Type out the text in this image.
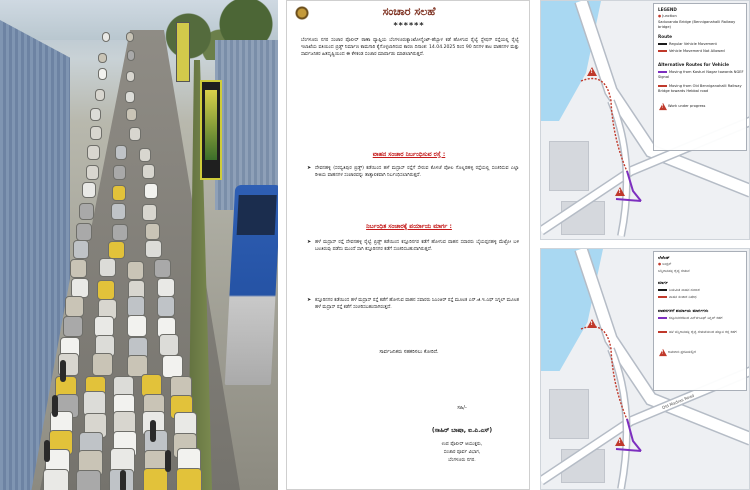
ಸಂಚಾರ ಸಲಹೆ
******
ಬೆಂಗಳೂರು ನಗರ ಸಂಚಾರ ಪೊಲೀಸ್ ಠಾಣಾ ವ್ಯಾಪ್ತಿಯ ಬೆಂಗಳೂರುಕ್ಯಾಂಟೋನ್ಮೆಂಟ್-ಹೆಬ್ಬಾಳ ಕಡೆ ಹೋಗುವ ರೈಲ್ವೆ ಸ್ಟೇಷನ್ ರಸ್ತೆಯಲ್ಲಿ ರೈಲ್ವೆ ಇಲಾಖೆಯ ವತಿಯಿಂದ ಬ್ರಿಡ್ಜ್ ನಿರ್ಮಾಣ ಕಾಮಗಾರಿ ಕೈಗೊಳ್ಳಲಾಗಿರುವ ಕಾರಣ ದಿನಾಂಕ: 14.04.2025 ರಿಂದ 90 ದಿನಗಳ ಕಾಲ ವಾಹನಗಳ ಮತ್ತು ಸಾರ್ವಜನಿಕರ ಹಿತದೃಷ್ಟಿಯಿಂದ ಈ ಕೆಳಕಂಡ ಸಂಚಾರ ಮಾರ್ಪಾಡು ಮಾಡಲಾಗಿರುತ್ತದೆ.
ವಾಹನ ಸಂಚಾರ ನಿರ್ಬಂಧಿಸುವ ರಸ್ತೆ :
➤ ದೇವನಹಳ್ಳಿ (ಸರಸ್ವತಿಪುರ ಬ್ರಿಡ್ಜ್) ಕಡೆಯಿಂದ ಹಳೆ ಮದ್ರಾಸ್ ರಸ್ತೆಗೆ ಸೇರುವ ಕೊಳಚೆ ಪೋಲ ಗೊಲ್ಲರಹಳ್ಳಿ ರಸ್ತೆಯಲ್ಲಿ ಸಂಚರಿಸುವ ಎಲ್ಲಾ ರೀತಿಯ ವಾಹನಗಳ ಸಂಚಾರವನ್ನು ತಾತ್ಕಾಲಿಕವಾಗಿ ನಿರ್ಬಂಧಿಸಲಾಗಿರುತ್ತದೆ.
ನಿರ್ಬಂಧಿತ ಸಂಚಾರಕ್ಕೆ ಪರ್ಯಾಯ ಮಾರ್ಗ :
➤ ಹಳೆ ಮದ್ರಾಸ್ ರಸ್ತೆ ದೇವನಹಳ್ಳಿ ರೈಲ್ವೆ ಬ್ರಿಡ್ಜ್ ಕಡೆಯಿಂದ ಕಸ್ತೂರಿನಗರ ಕಡೆಗೆ ಹೋಗುವ ವಾಹನ ಸವಾರರು ಬೈಯಪ್ಪನಹಳ್ಳಿ ಮೆಟ್ರೋ ಬಳಿ ಬಲತಿರುವು ಪಡೆದು ಮುಂದೆ ಸಾಗಿ ಕಸ್ತೂರಿನಗರ ಕಡೆಗೆ ಸಂಚರಿಸಬಹುದಾಗಿರುತ್ತದೆ.
➤ ಕಸ್ತೂರಿನಗರ ಕಡೆಯಿಂದ ಹಳೆ ಮದ್ರಾಸ್ ರಸ್ತೆ ಕಡೆಗೆ ಹೋಗುವ ವಾಹನ ಸವಾರರು ಸಿಎಂಆರ್ ರಸ್ತೆ ಮೂಲಕ ಎನ್.ಜಿ.ಇ.ಎಫ್ ಸಿಗ್ನಲ್ ಮೂಲಕ ಹಳೆ ಮದ್ರಾಸ್ ರಸ್ತೆ ಕಡೆಗೆ ಸಂಚರಿಸಬಹುದಾಗಿರುತ್ತದೆ.
ಸಾರ್ವಜನಿಕರು ಸಹಕರಿಸಲು ಕೋರಿದೆ.
ಸಹಿ/-
(ಸಾಹಿರ್ ಬಾಷಾ, ಐ.ಪಿ.ಎಸ್)
ಉಪ ಪೊಲೀಸ್ ಆಯುಕ್ತರು,
ಸಂಚಾರ ಪೂರ್ವ ವಿಭಾಗ,
ಬೆಂಗಳೂರು ನಗರ.
!
!
LEGEND
● Junction
Saduvanda Bridge (Benniganahalli Railway bridge)
Route
Regular Vehicle Movement
Vehicle Movement Not Allowed
Alternative Routes for Vehicle
Moving from Kasturi Nagar towards NGEF Signal
Moving from Old Benniganahalli Railway Bridge towards Hebbal road
Work under progress
!
!
!
ಲೆಜೆಂಡ್
● ಜಂಕ್ಷನ್
ಬೆನ್ನಿಗಾನಹಳ್ಳಿ ರೈಲ್ವೆ ಸೇತುವೆ
ಮಾರ್ಗ
ನಿಯಮಿತ ವಾಹನ ಸಂಚಾರ
ವಾಹನ ಸಂಚಾರ ನಿಷೇಧ
ವಾಹನಗಳಿಗೆ ಪರ್ಯಾಯ ಮಾರ್ಗಗಳು
ಕಸ್ತೂರಿನಗರದಿಂದ ಎನ್‌ಜಿಇಎಫ್ ಸಿಗ್ನಲ್ ಕಡೆಗೆ
ಹಳೆ ಬೆನ್ನಿಗಾನಹಳ್ಳಿ ರೈಲ್ವೆ ಸೇತುವೆಯಿಂದ ಹೆಬ್ಬಾಳ ರಸ್ತೆ ಕಡೆಗೆ
ಕಾಮಗಾರಿ ಪ್ರಗತಿಯಲ್ಲಿದೆ
!
Old Madras Road
